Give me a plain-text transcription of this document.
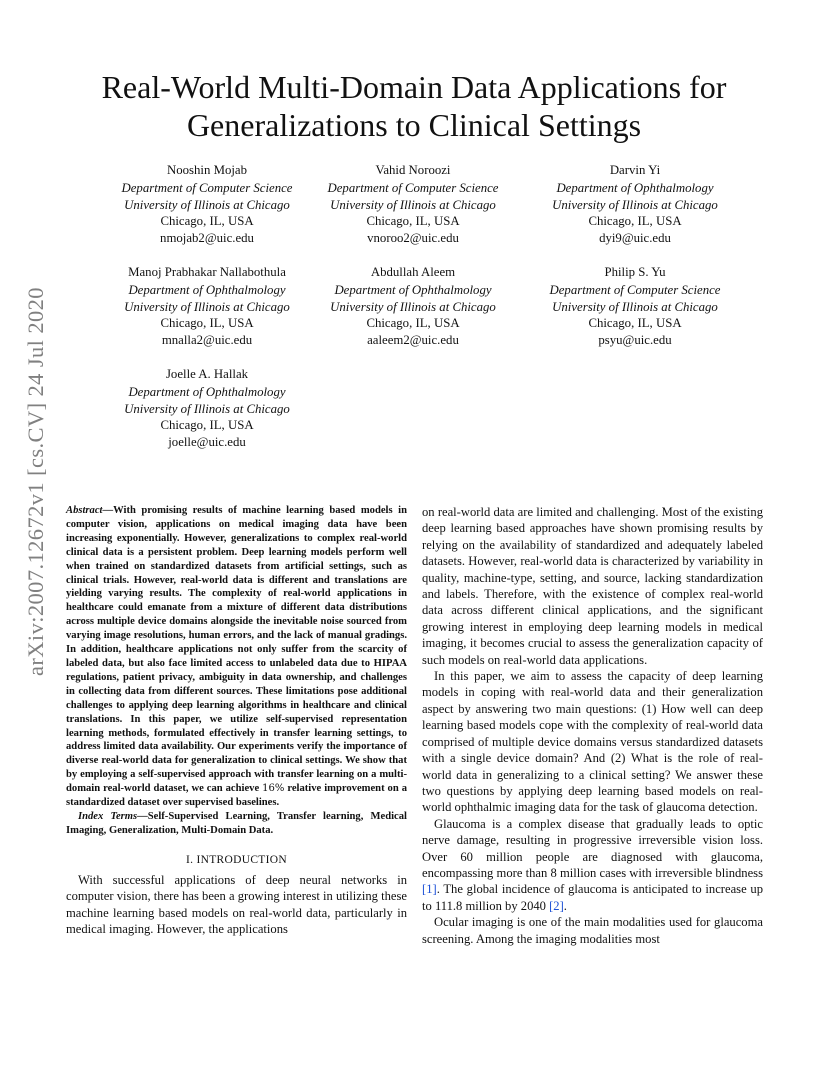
arXiv:2007.12672v1 [cs.CV] 24 Jul 2020
Real-World Multi-Domain Data Applications for
Generalizations to Clinical Settings
Nooshin Mojab
Department of Computer Science
University of Illinois at Chicago
Chicago, IL, USA
nmojab2@uic.edu
Vahid Noroozi
Department of Computer Science
University of Illinois at Chicago
Chicago, IL, USA
vnoroo2@uic.edu
Darvin Yi
Department of Ophthalmology
University of Illinois at Chicago
Chicago, IL, USA
dyi9@uic.edu
Manoj Prabhakar Nallabothula
Department of Ophthalmology
University of Illinois at Chicago
Chicago, IL, USA
mnalla2@uic.edu
Abdullah Aleem
Department of Ophthalmology
University of Illinois at Chicago
Chicago, IL, USA
aaleem2@uic.edu
Philip S. Yu
Department of Computer Science
University of Illinois at Chicago
Chicago, IL, USA
psyu@uic.edu
Joelle A. Hallak
Department of Ophthalmology
University of Illinois at Chicago
Chicago, IL, USA
joelle@uic.edu

Abstract—With promising results of machine learning based models in computer vision, applications on medical imaging data have been increasing exponentially. However, generalizations to complex real-world clinical data is a persistent problem. Deep learning models perform well when trained on standardized datasets from artificial settings, such as clinical trials. However, real-world data is different and translations are yielding varying results. The complexity of real-world applications in healthcare could emanate from a mixture of different data distributions across multiple device domains alongside the inevitable noise sourced from varying image resolutions, human errors, and the lack of manual gradings. In addition, healthcare applications not only suffer from the scarcity of labeled data, but also face limited access to unlabeled data due to HIPAA regulations, patient privacy, ambiguity in data ownership, and challenges in collecting data from different sources. These limitations pose additional challenges to applying deep learning algorithms in healthcare and clinical translations. In this paper, we utilize self-supervised representation learning methods, formulated effectively in transfer learning settings, to address limited data availability. Our experiments verify the importance of diverse real-world data for generalization to clinical settings. We show that by employing a self-supervised approach with transfer learning on a multi-domain real-world dataset, we can achieve 16% relative improvement on a standardized dataset over supervised baselines.

Index Terms—Self-Supervised Learning, Transfer learning, Medical Imaging, Generalization, Multi-Domain Data.

I. INTRODUCTION

With successful applications of deep neural networks in computer vision, there has been a growing interest in utilizing these machine learning based models on real-world data, particularly in medical imaging. However, the applications

on real-world data are limited and challenging. Most of the existing deep learning based approaches have shown promising results by relying on the availability of standardized and adequately labeled datasets. However, real-world data is characterized by variability in quality, machine-type, setting, and source, lacking standardization and labels. Therefore, with the existence of complex real-world data across different clinical applications, and the significant growing interest in employing deep learning models in medical imaging, it becomes crucial to assess the generalization capacity of such models on real-world data applications.

In this paper, we aim to assess the capacity of deep learning models in coping with real-world data and their generalization aspect by answering two main questions: (1) How well can deep learning based models cope with the complexity of real-world data comprised of multiple device domains versus standardized datasets with a single device domain? And (2) What is the role of real-world data in generalizing to a clinical setting? We answer these two questions by applying deep learning based models on real-world ophthalmic imaging data for the task of glaucoma detection.

Glaucoma is a complex disease that gradually leads to optic nerve damage, resulting in progressive irreversible vision loss. Over 60 million people are diagnosed with glaucoma, encompassing more than 8 million cases with irreversible blindness [1]. The global incidence of glaucoma is anticipated to increase up to 111.8 million by 2040 [2].

Ocular imaging is one of the main modalities used for glaucoma screening. Among the imaging modalities most
